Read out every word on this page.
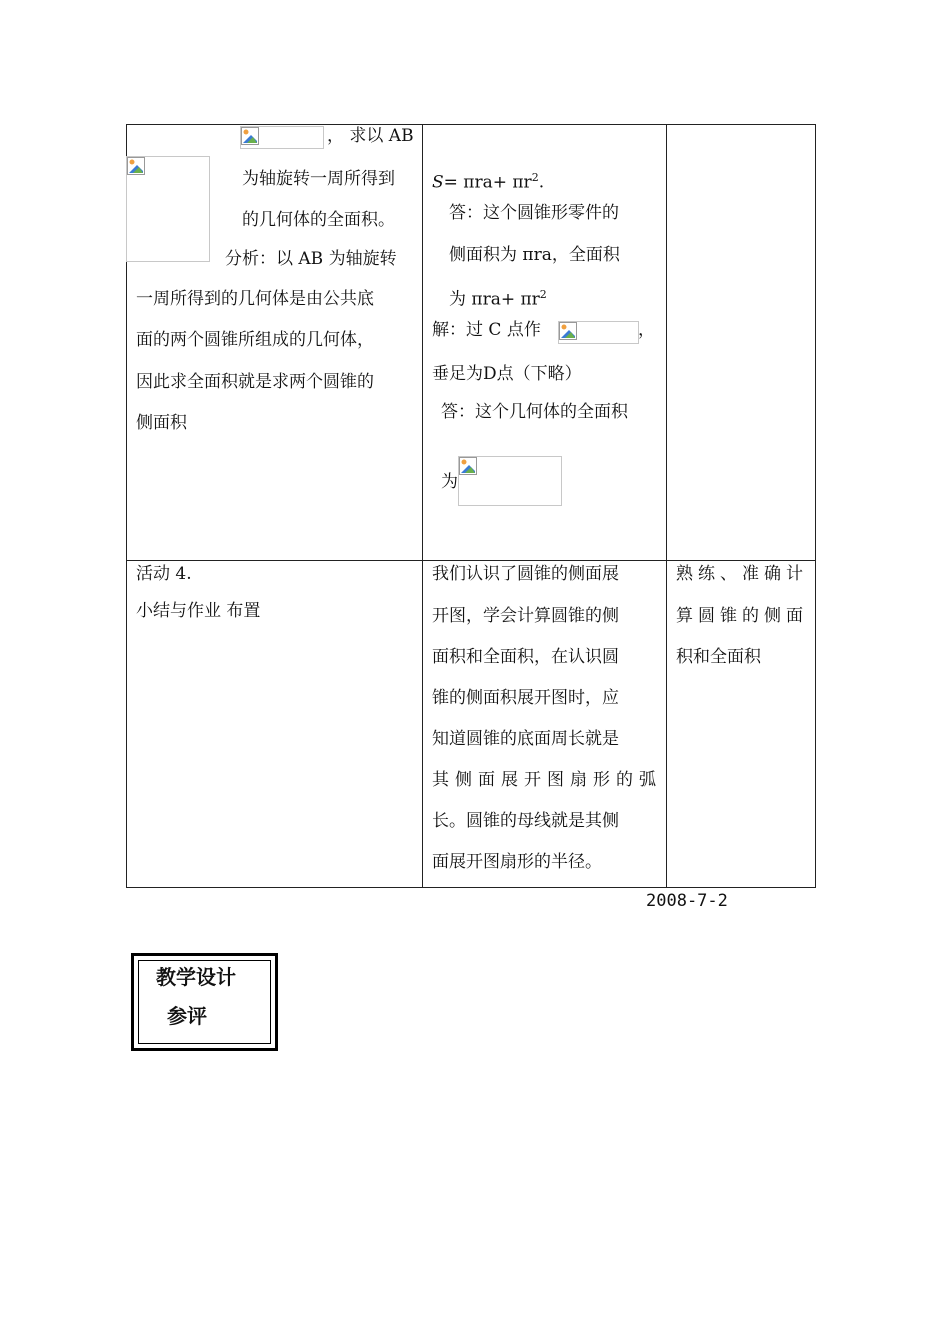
， 求以 AB
为轴旋转一周所得到
的几何体的全面积。
分析：以 AB 为轴旋转
一周所得到的几何体是由公共底
面的两个圆锥所组成的几何体，
因此求全面积就是求两个圆锥的
侧面积
$S= \pi ra+ \pi r^2$.
答：这个圆锥形零件的
侧面积为 πra，全面积
为 $\pi ra+ \pi r^2$
解：过 C 点作	，
垂足为D点（下略）
答：这个几何体的全面积
为
活动 4.
小结与作业 布置
我们认识了圆锥的侧面展
开图，学会计算圆锥的侧
面积和全面积，在认识圆
锥的侧面积展开图时，应
知道圆锥的底面周长就是
其侧面展开图扇形的弧
长。圆锥的母线就是其侧
面展开图扇形的半径。
熟练、准确计
算圆锥的侧面
积和全面积
2008-7-2
教学设计
参评
